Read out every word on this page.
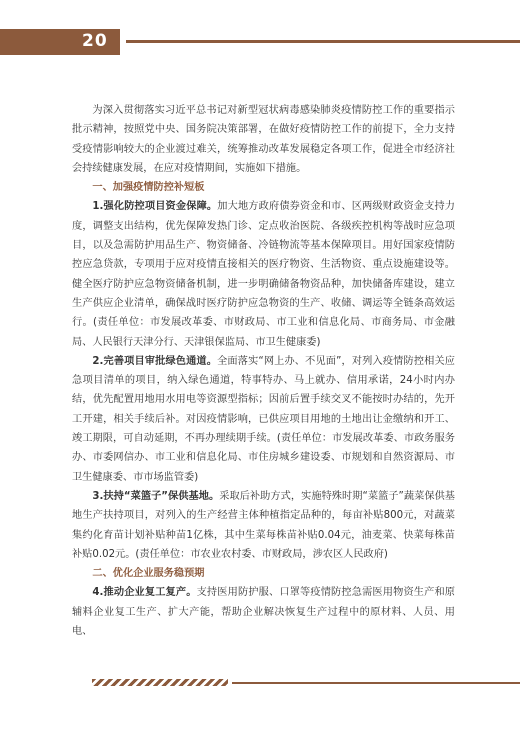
20

为深入贯彻落实习近平总书记对新型冠状病毒感染肺炎疫情防控工作的重要指示批示精神，按照党中央、国务院决策部署，在做好疫情防控工作的前提下，全力支持受疫情影响较大的企业渡过难关，统筹推动改革发展稳定各项工作，促进全市经济社会持续健康发展，在应对疫情期间，实施如下措施。

一、加强疫情防控补短板

1.强化防控项目资金保障。加大地方政府债券资金和市、区两级财政资金支持力度，调整支出结构，优先保障发热门诊、定点收治医院、各级疾控机构等战时应急项目，以及急需防护用品生产、物资储备、冷链物流等基本保障项目。用好国家疫情防控应急贷款，专项用于应对疫情直接相关的医疗物资、生活物资、重点设施建设等。健全医疗防护应急物资储备机制，进一步明确储备物资品种，加快储备库建设，建立生产供应企业清单，确保战时医疗防护应急物资的生产、收储、调运等全链条高效运行。(责任单位：市发展改革委、市财政局、市工业和信息化局、市商务局、市金融局、人民银行天津分行、天津银保监局、市卫生健康委)

2.完善项目审批绿色通道。全面落实“网上办、不见面”，对列入疫情防控相关应急项目清单的项目，纳入绿色通道，特事特办、马上就办、信用承诺，24小时内办结，优先配置用地用水用电等资源型指标；因前后置手续交叉不能按时办结的，先开工开建，相关手续后补。对因疫情影响，已供应项目用地的土地出让金缴纳和开工、竣工期限，可自动延期，不再办理续期手续。(责任单位：市发展改革委、市政务服务办、市委网信办、市工业和信息化局、市住房城乡建设委、市规划和自然资源局、市卫生健康委、市市场监管委)

3.扶持“菜篮子”保供基地。采取后补助方式，实施特殊时期“菜篮子”蔬菜保供基地生产扶持项目，对列入的生产经营主体种植指定品种的，每亩补贴800元，对蔬菜集约化育苗计划补贴种苗1亿株，其中生菜每株苗补贴0.04元，油麦菜、快菜每株苗补贴0.02元。(责任单位：市农业农村委、市财政局，涉农区人民政府)

二、优化企业服务稳预期

4.推动企业复工复产。支持医用防护服、口罩等疫情防控急需医用物资生产和原辅料企业复工生产、扩大产能，帮助企业解决恢复生产过程中的原材料、人员、用电、
